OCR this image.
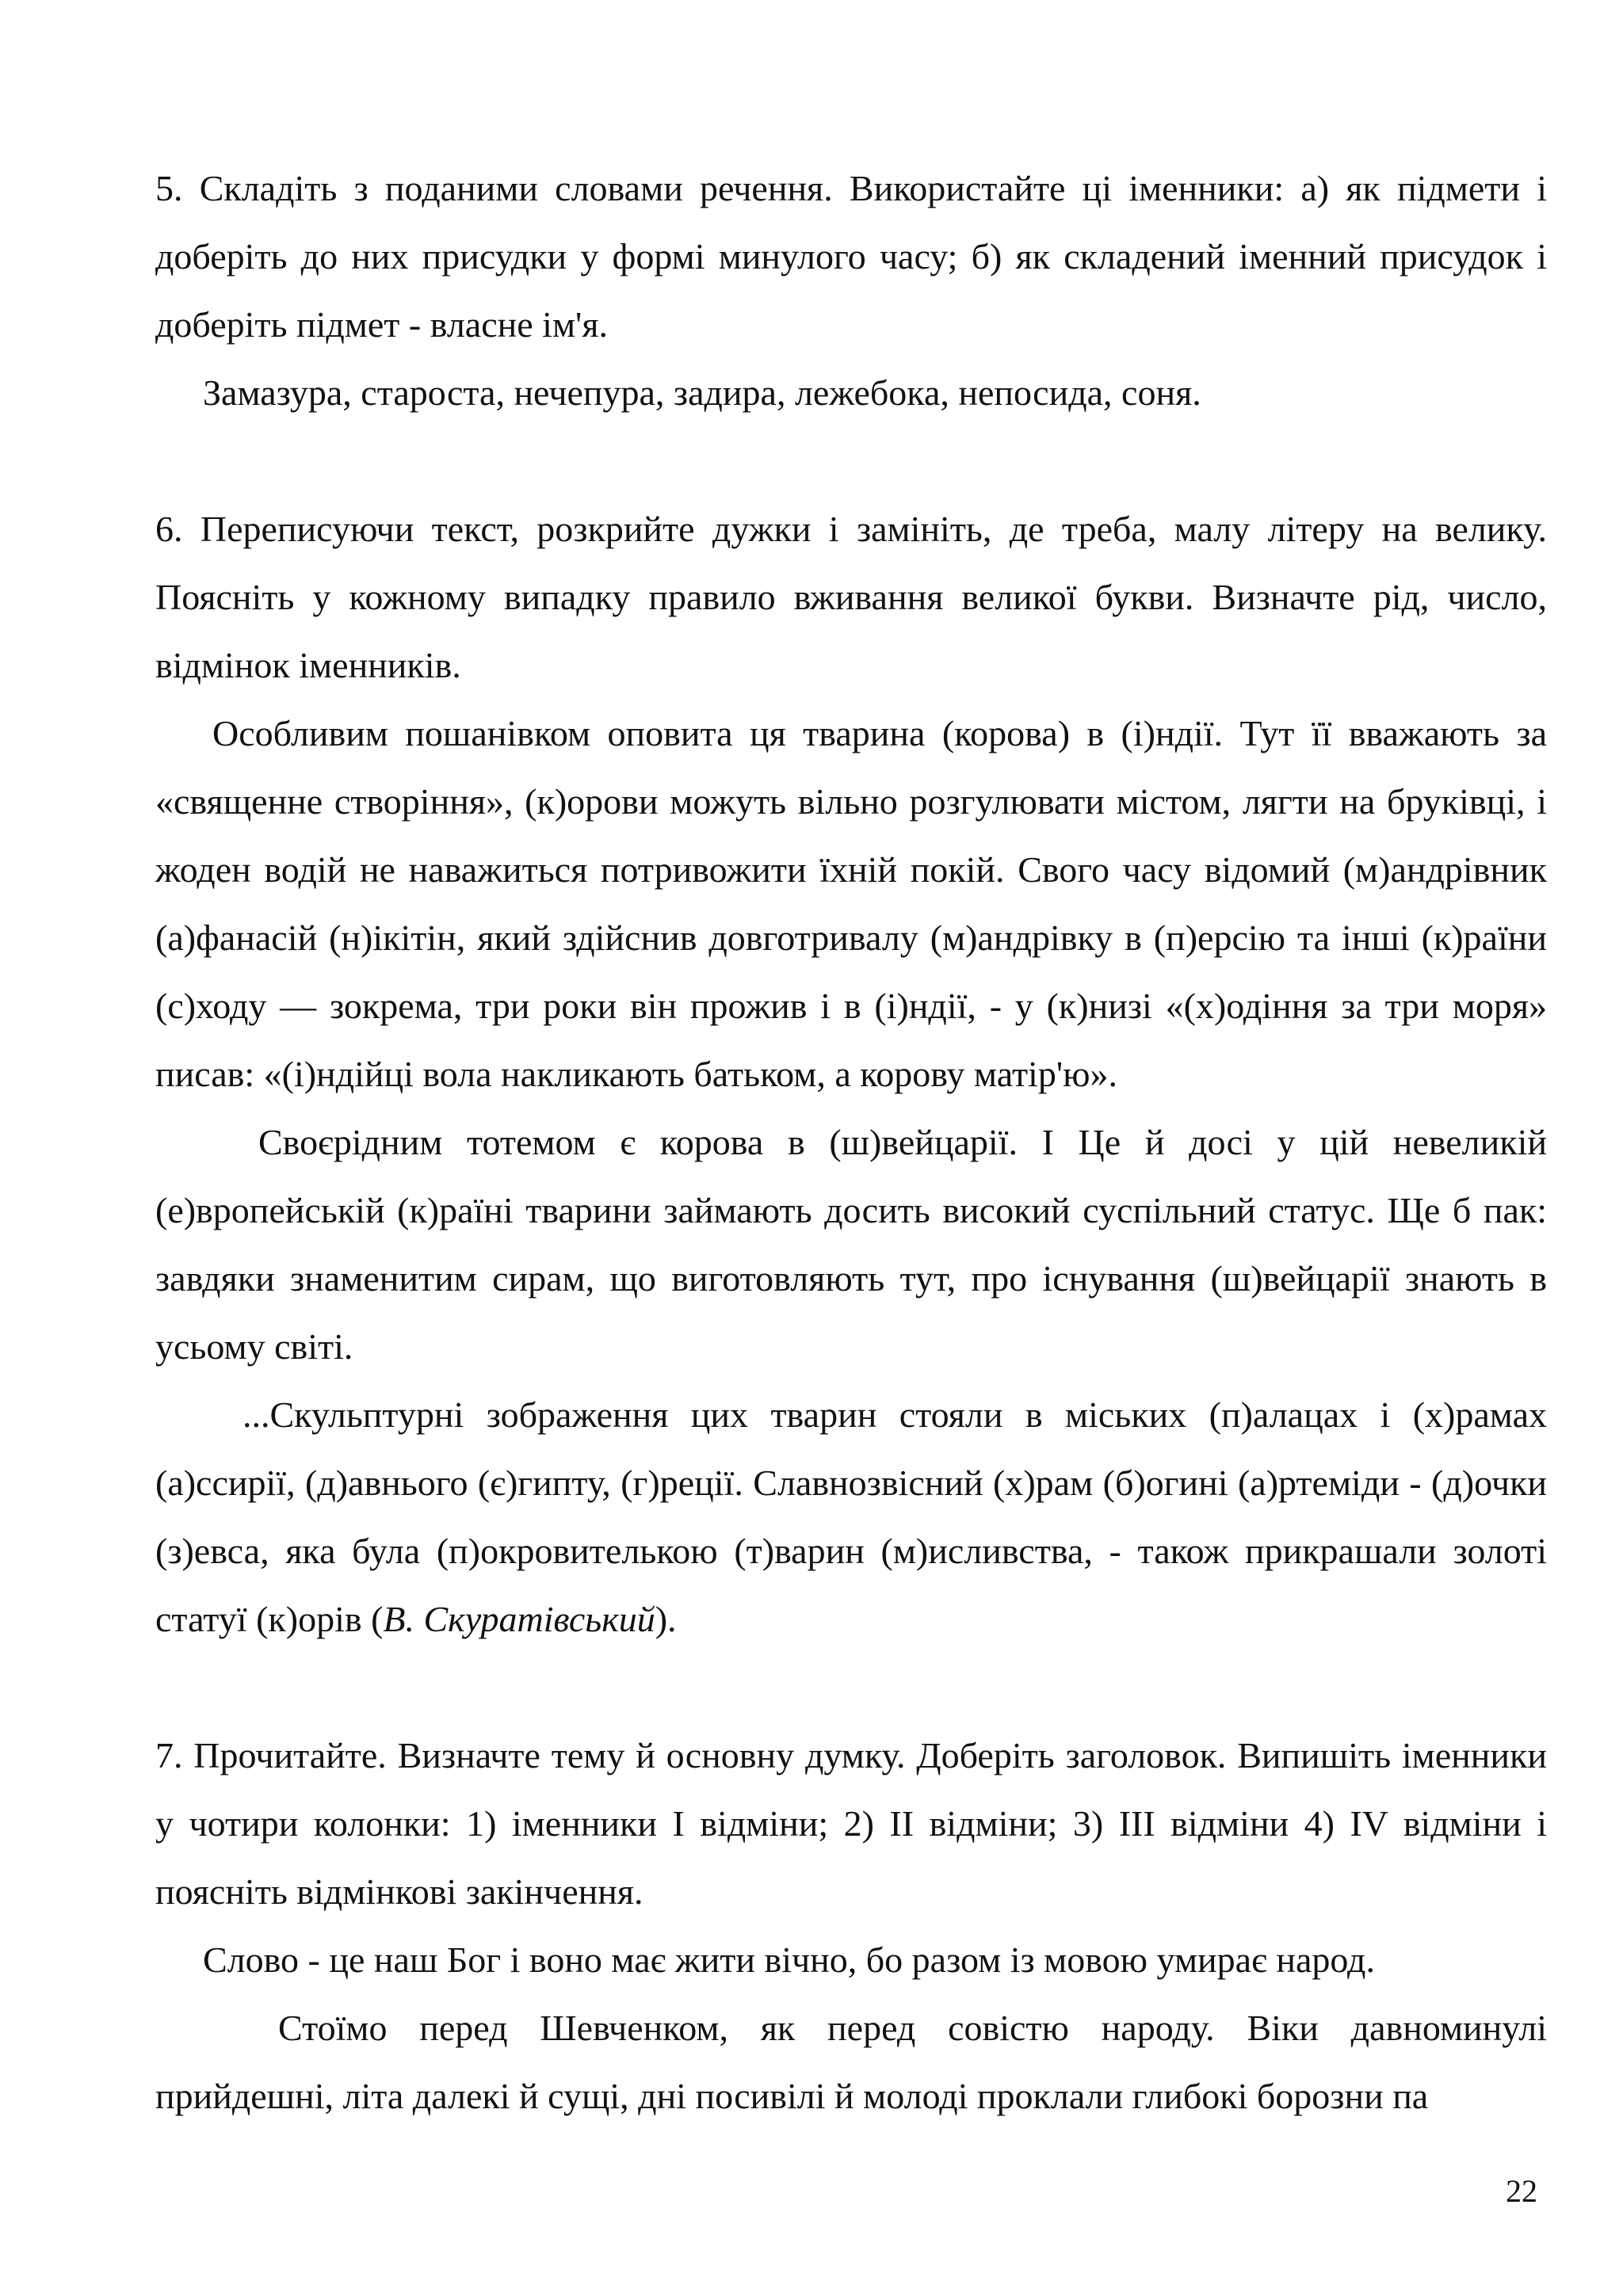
5. Складіть з поданими словами речення. Використайте ці іменники: а) як підмети і доберіть до них присудки у формі минулого часу; б) як складений іменний присудок і доберіть підмет - власне ім'я.

Замазура, староста, нечепура, задира, лежебока, непосида, соня.

6. Переписуючи текст, розкрийте дужки і замініть, де треба, малу літеру на велику. Поясніть у кожному випадку правило вживання великої букви. Визначте рід, число, відмінок іменників.

Особливим пошанівком оповита ця тварина (корова) в (і)ндії. Тут її вважають за «священне створіння», (к)орови можуть вільно розгулювати містом, лягти на бруківці, і жоден водій не наважиться потривожити їхній покій. Свого часу відомий (м)андрівник (а)фанасій (н)ікітін, який здійснив довготривалу (м)андрівку в (п)ерсію та інші (к)раїни (с)ходу — зокрема, три роки він прожив і в (і)ндії, - у (к)низі «(х)одіння за три моря» писав: «(і)ндійці вола накликають батьком, а корову матір'ю».

Своєрідним тотемом є корова в (ш)вейцарії. І Це й досі у цій невеликій (е)вропейській (к)раїні тварини займають досить високий суспільний статус. Ще б пак: завдяки знаменитим сирам, що виготовляють тут, про існування (ш)вейцарії знають в усьому світі.

...Скульптурні зображення цих тварин стояли в міських (п)алацах і (х)рамах (а)ссирії, (д)авнього (є)гипту, (г)реції. Славнозвісний (х)рам (б)огині (а)ртеміди - (д)очки (з)евса, яка була (п)окровителькою (т)варин (м)исливства, - також прикрашали золоті статуї (к)орів (В. Скуратівський).

7. Прочитайте. Визначте тему й основну думку. Доберіть заголовок. Випишіть іменники у чотири колонки: 1) іменники I відміни; 2) II відміни; 3) III відміни 4) IV відміни і поясніть відмінкові закінчення.

Слово - це наш Бог і воно має жити вічно, бо разом із мовою умирає народ.

Стоїмо перед Шевченком, як перед совістю народу. Віки давноминулі прийдешні, літа далекі й сущі, дні посивілі й молоді проклали глибокі борозни па

22
